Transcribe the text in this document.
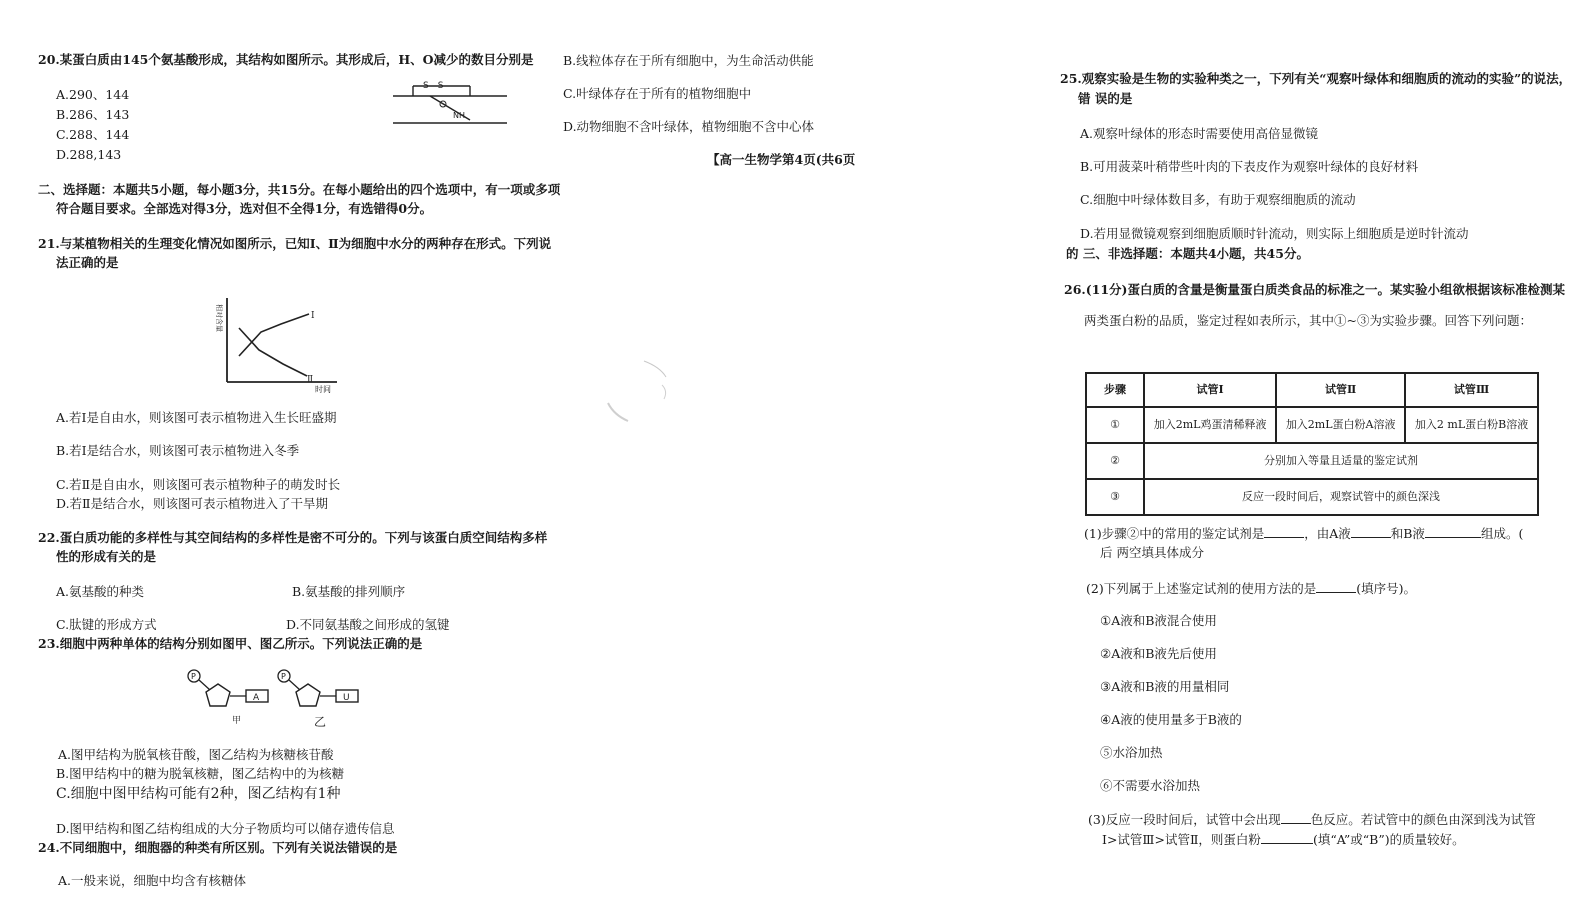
20.某蛋白质由145个氨基酸形成，其结构如图所示。其形成后，H、O减少的数目分别是
A.290、144
B.286、143
C.288、144
D.288,143
S—S
NH
二、选择题：本题共5小题，每小题3分，共15分。在每小题给出的四个选项中，有一项或多项
符合题目要求。全部选对得3分，选对但不全得1分，有选错得0分。
21.与某植物相关的生理变化情况如图所示，已知Ⅰ、Ⅱ为细胞中水分的两种存在形式。下列说
法正确的是
相对含量
时间
Ⅰ
Ⅱ
A.若Ⅰ是自由水，则该图可表示植物进入生长旺盛期
B.若Ⅰ是结合水，则该图可表示植物进入冬季
C.若Ⅱ是自由水，则该图可表示植物种子的萌发时长
D.若Ⅱ是结合水，则该图可表示植物进入了干旱期
22.蛋白质功能的多样性与其空间结构的多样性是密不可分的。下列与该蛋白质空间结构多样
性的形成有关的是
A.氨基酸的种类	B.氨基酸的排列顺序
C.肽键的形成方式	D.不同氨基酸之间形成的氢键
23.细胞中两种单体的结构分别如图甲、图乙所示。下列说法正确的是
P
A
甲
P
U
乙
A.图甲结构为脱氧核苷酸，图乙结构为核糖核苷酸
B.图甲结构中的糖为脱氧核糖，图乙结构中的为核糖
C.细胞中图甲结构可能有2种，图乙结构有1种
D.图甲结构和图乙结构组成的大分子物质均可以储存遗传信息
24.不同细胞中，细胞器的种类有所区别。下列有关说法错误的是
A.一般来说，细胞中均含有核糖体
B.线粒体存在于所有细胞中，为生命活动供能
C.叶绿体存在于所有的植物细胞中
D.动物细胞不含叶绿体，植物细胞不含中心体
【高一生物学第4页(共6页
25.观察实验是生物的实验种类之一，下列有关“观察叶绿体和细胞质的流动的实验”的说法，
错 误的是
A.观察叶绿体的形态时需要使用高倍显微镜
B.可用菠菜叶稍带些叶肉的下表皮作为观察叶绿体的良好材料
C.细胞中叶绿体数目多，有助于观察细胞质的流动
D.若用显微镜观察到细胞质顺时针流动，则实际上细胞质是逆时针流动
的 三、非选择题：本题共4小题，共45分。
26.(11分)蛋白质的含量是衡量蛋白质类食品的标准之一。某实验小组欲根据该标准检测某
两类蛋白粉的品质，鉴定过程如表所示，其中①~③为实验步骤。回答下列问题：
步骤	试管Ⅰ	试管Ⅱ	试管Ⅲ
①	加入2mL鸡蛋清稀释液	加入2mL蛋白粉A溶液	加入2 mL蛋白粉B溶液
②	分别加入等量且适量的鉴定试剂		
③	反应一段时间后，观察试管中的颜色深浅		
(1)步骤②中的常用的鉴定试剂是	，由A液	和B液	组成。(
后 两空填具体成分
(2)下列属于上述鉴定试剂的使用方法的是	(填序号)。
①A液和B液混合使用
②A液和B液先后使用
③A液和B液的用量相同
④A液的使用量多于B液的
⑤水浴加热
⑥不需要水浴加热
(3)反应一段时间后，试管中会出现 色反应。若试管中的颜色由深到浅为试管
Ⅰ>试管Ⅲ>试管Ⅱ，则蛋白粉	(填“A”或“B”)的质量较好。
